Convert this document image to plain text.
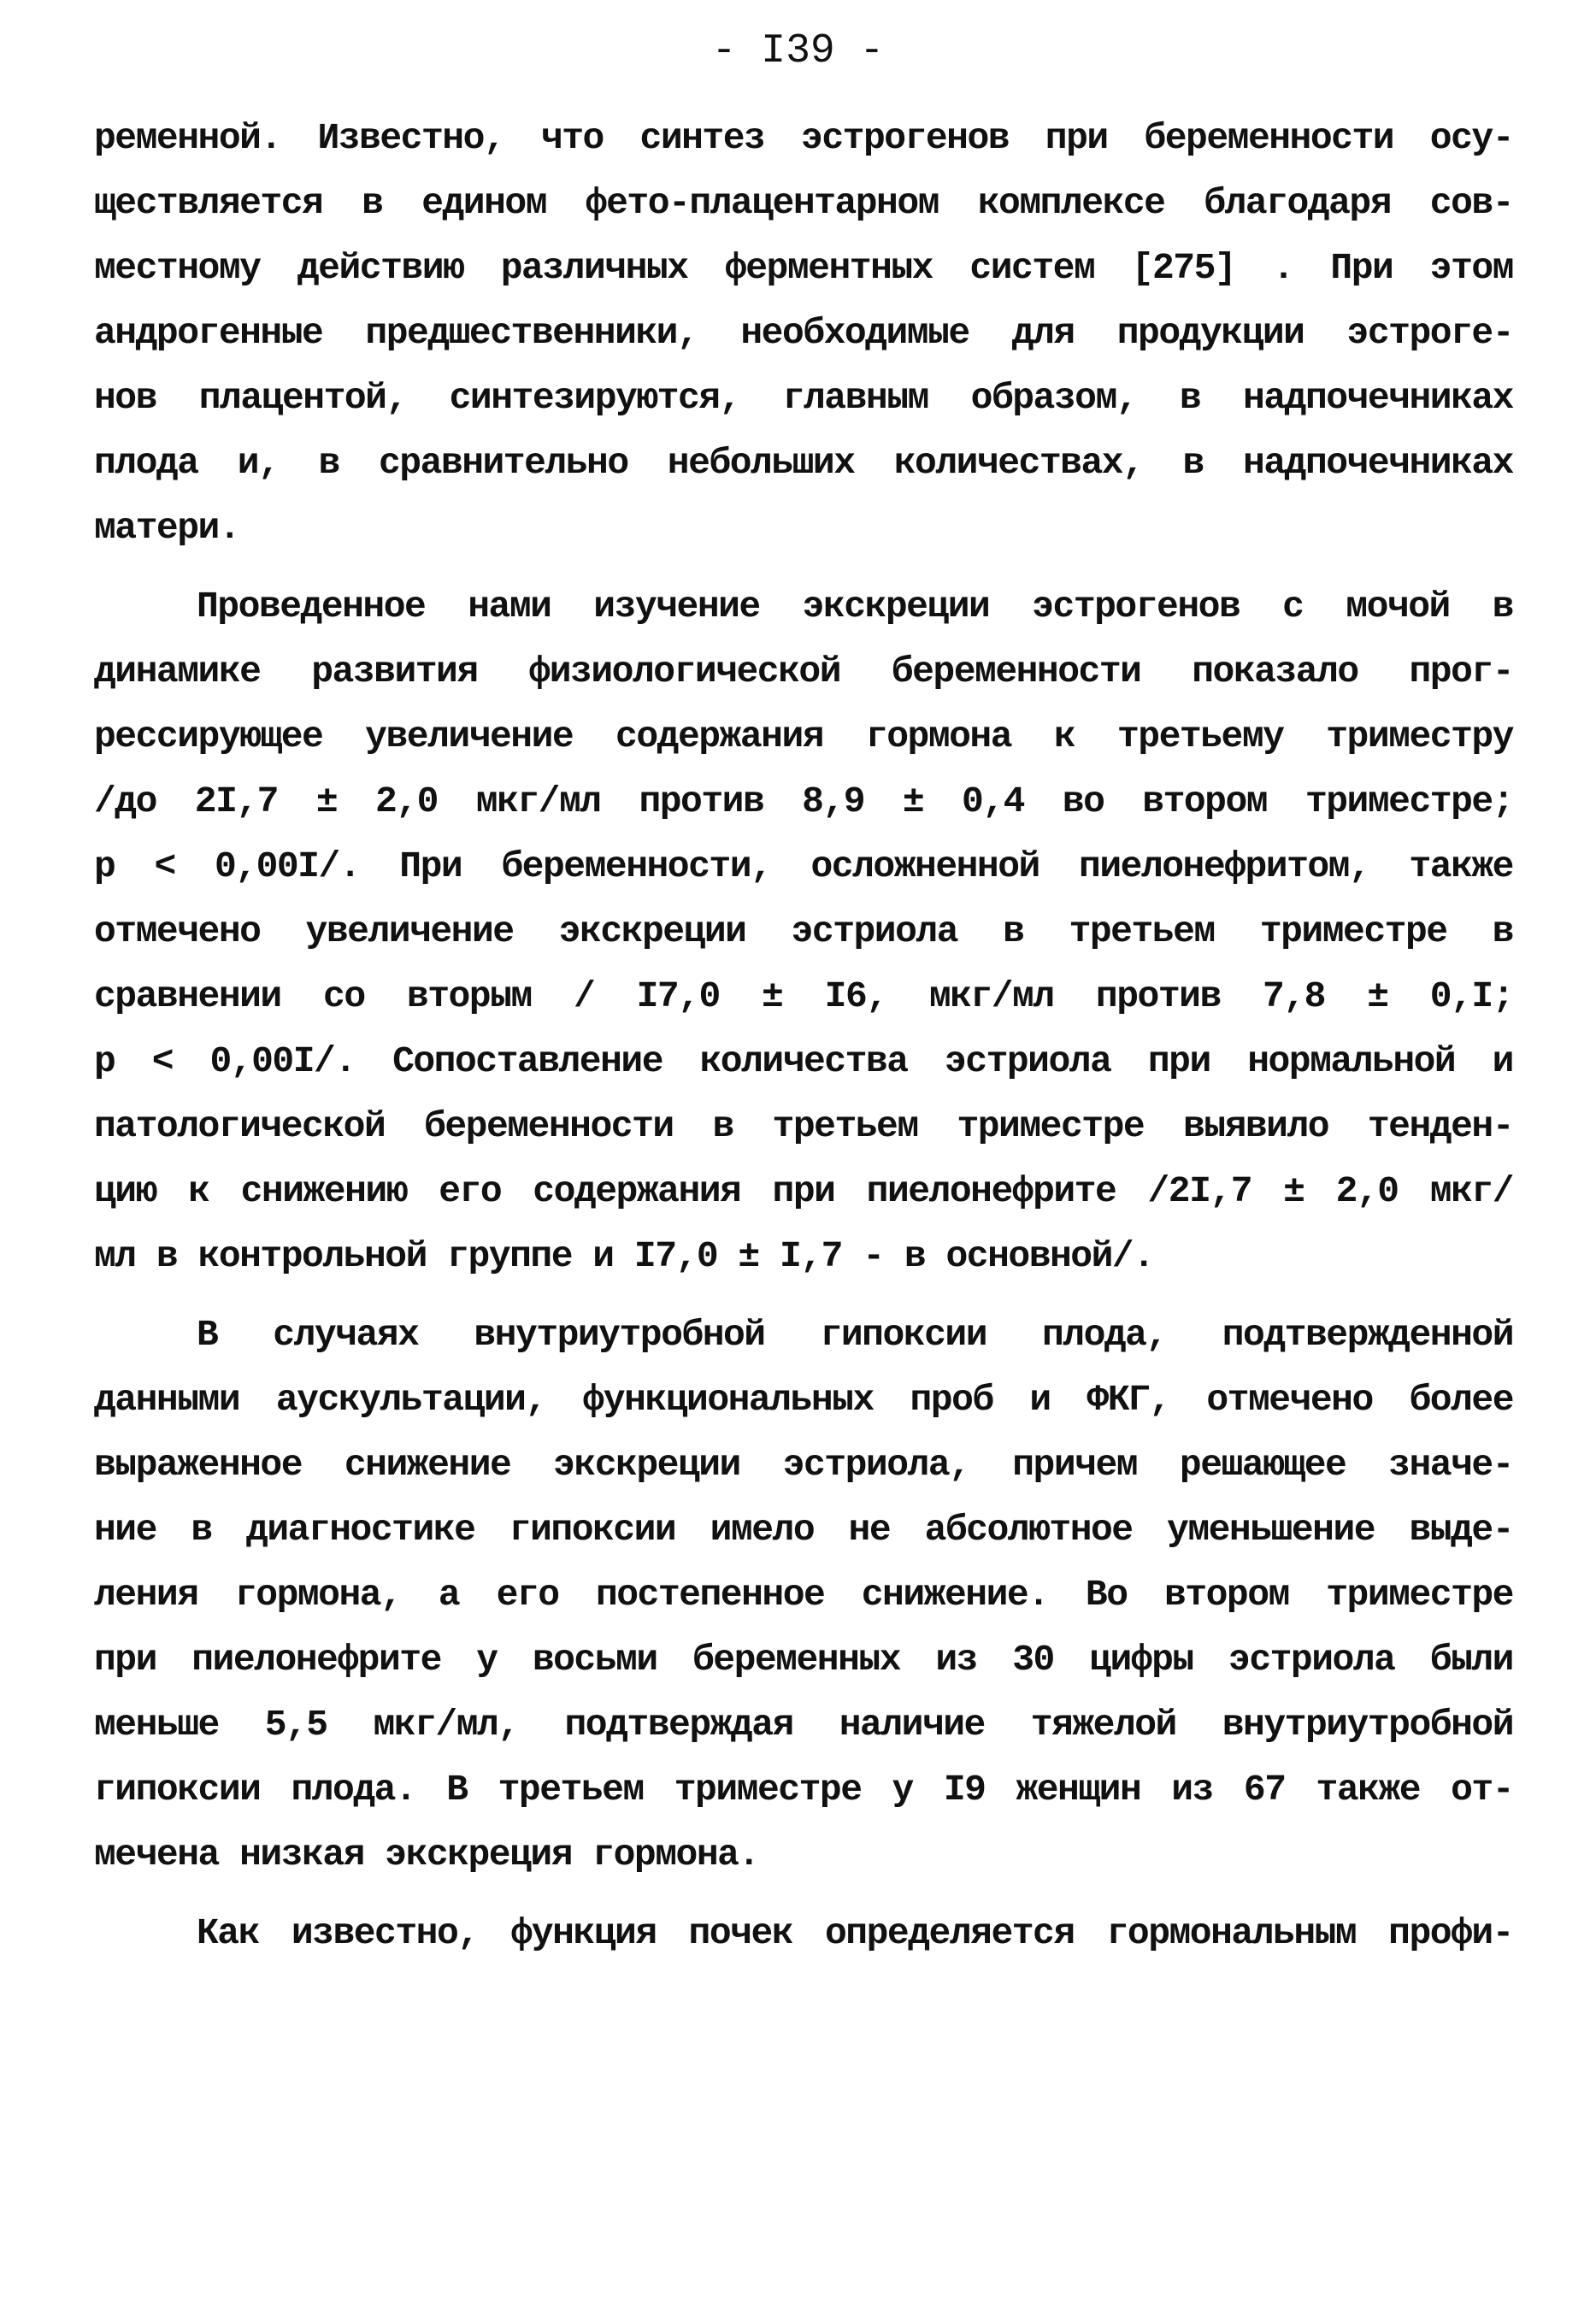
- I39 -
ременной. Известно, что синтез эстрогенов при беременности осу-
ществляется в едином фето-плацентарном комплексе благодаря сов-
местному действию различных ферментных систем [275] . При этом
андрогенные предшественники, необходимые для продукции эстроге-
нов плацентой, синтезируются, главным образом, в надпочечниках
плода и, в сравнительно небольших количествах, в надпочечниках
матери.
Проведенное нами изучение экскреции эстрогенов с мочой в
динамике развития физиологической беременности показало прог-
рессирующее увеличение содержания гормона к третьему триместру
/до 2I,7 ± 2,0 мкг/мл против 8,9 ± 0,4 во втором триместре;
p < 0,00I/. При беременности, осложненной пиелонефритом, также
отмечено увеличение экскреции эстриола в третьем триместре в
сравнении со вторым / I7,0 ± I6, мкг/мл против 7,8 ± 0,I;
p < 0,00I/. Сопоставление количества эстриола при нормальной и
патологической беременности в третьем триместре выявило тенден-
цию к снижению его содержания при пиелонефрите /2I,7 ± 2,0 мкг/
мл в контрольной группе и I7,0 ± I,7 - в основной/.
В случаях внутриутробной гипоксии плода, подтвержденной
данными аускультации, функциональных проб и ФКГ, отмечено более
выраженное снижение экскреции эстриола, причем решающее значе-
ние в диагностике гипоксии имело не абсолютное уменьшение выде-
ления гормона, а его постепенное снижение. Во втором триместре
при пиелонефрите у восьми беременных из 30 цифры эстриола были
меньше 5,5 мкг/мл, подтверждая наличие тяжелой внутриутробной
гипоксии плода. В третьем триместре у I9 женщин из 67 также от-
мечена низкая экскреция гормона.
Как известно, функция почек определяется гормональным профи-
